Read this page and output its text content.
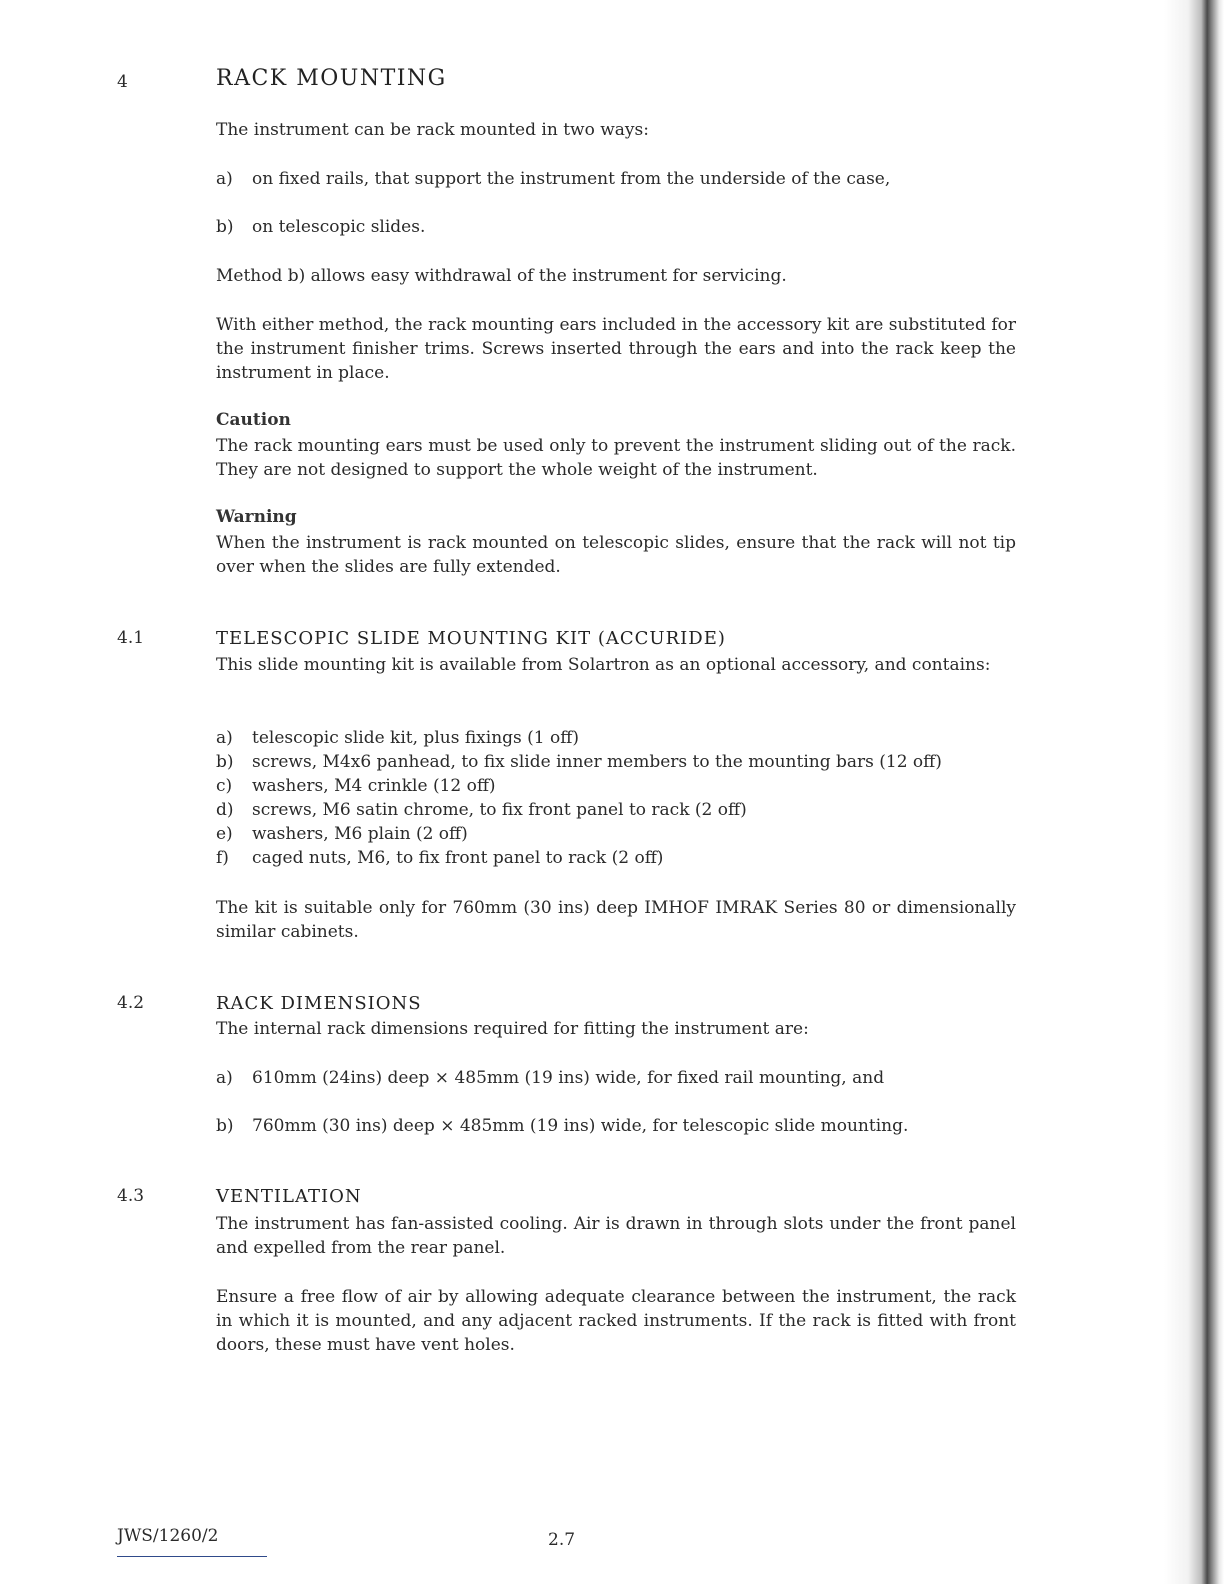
4	RACK MOUNTING
The instrument can be rack mounted in two ways:
a) on fixed rails, that support the instrument from the underside of the case,
b) on telescopic slides.
Method b) allows easy withdrawal of the instrument for servicing.
With either method, the rack mounting ears included in the accessory kit are substituted for the instrument finisher trims. Screws inserted through the ears and into the rack keep the instrument in place.
Caution
The rack mounting ears must be used only to prevent the instrument sliding out of the rack. They are not designed to support the whole weight of the instrument.
Warning
When the instrument is rack mounted on telescopic slides, ensure that the rack will not tip over when the slides are fully extended.
4.1	TELESCOPIC SLIDE MOUNTING KIT (ACCURIDE)
This slide mounting kit is available from Solartron as an optional accessory, and contains:
a) telescopic slide kit, plus fixings (1 off)
b) screws, M4x6 panhead, to fix slide inner members to the mounting bars (12 off)
c) washers, M4 crinkle (12 off)
d) screws, M6 satin chrome, to fix front panel to rack (2 off)
e) washers, M6 plain (2 off)
f) caged nuts, M6, to fix front panel to rack (2 off)
The kit is suitable only for 760mm (30 ins) deep IMHOF IMRAK Series 80 or dimensionally similar cabinets.
4.2	RACK DIMENSIONS
The internal rack dimensions required for fitting the instrument are:
a) 610mm (24ins) deep × 485mm (19 ins) wide, for fixed rail mounting, and
b) 760mm (30 ins) deep × 485mm (19 ins) wide, for telescopic slide mounting.
4.3	VENTILATION
The instrument has fan-assisted cooling. Air is drawn in through slots under the front panel and expelled from the rear panel.
Ensure a free flow of air by allowing adequate clearance between the instrument, the rack in which it is mounted, and any adjacent racked instruments. If the rack is fitted with front doors, these must have vent holes.
JWS/1260/2	2.7
